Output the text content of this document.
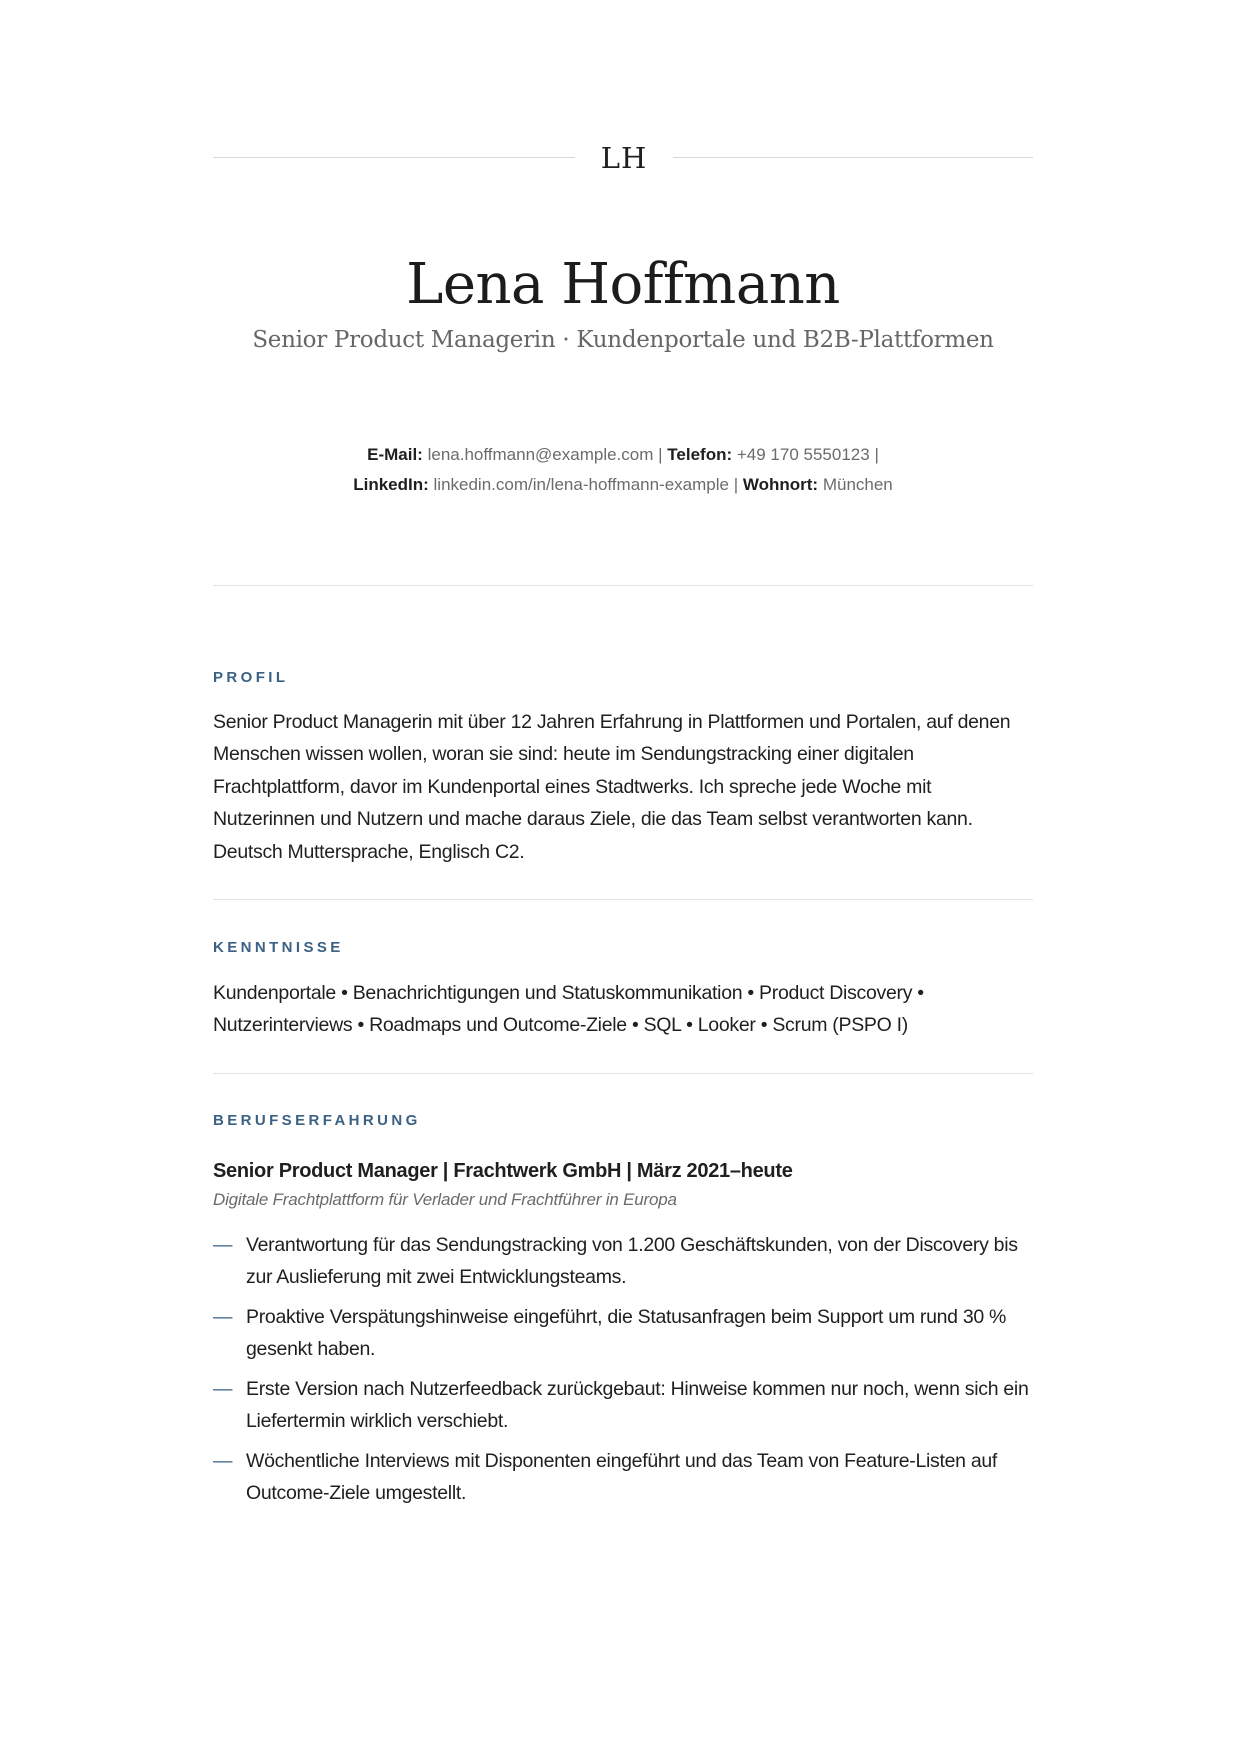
LH
Lena Hoffmann

Senior Product Managerin · Kundenportale und B2B-Plattformen

E-Mail: lena.hoffmann@example.com | Telefon: +49 170 5550123 |
LinkedIn: linkedin.com/in/lena-hoffmann-example | Wohnort: München
PROFIL
Senior Product Managerin mit über 12 Jahren Erfahrung in Plattformen und Portalen, auf denen Menschen wissen wollen, woran sie sind: heute im Sendungstracking einer digitalen Frachtplattform, davor im Kundenportal eines Stadtwerks. Ich spreche jede Woche mit Nutzerinnen und Nutzern und mache daraus Ziele, die das Team selbst verantworten kann. Deutsch Muttersprache, Englisch C2.
KENNTNISSE
Kundenportale • Benachrichtigungen und Statuskommunikation • Product Discovery • Nutzerinterviews • Roadmaps und Outcome-Ziele • SQL • Looker • Scrum (PSPO I)
BERUFSERFAHRUNG
Senior Product Manager | Frachtwerk GmbH | März 2021–heute
Digitale Frachtplattform für Verlader und Frachtführer in Europa
— Verantwortung für das Sendungstracking von 1.200 Geschäftskunden, von der Discovery bis zur Auslieferung mit zwei Entwicklungsteams.
— Proaktive Verspätungshinweise eingeführt, die Statusanfragen beim Support um rund 30 % gesenkt haben.
— Erste Version nach Nutzerfeedback zurückgebaut: Hinweise kommen nur noch, wenn sich ein Liefertermin wirklich verschiebt.
— Wöchentliche Interviews mit Disponenten eingeführt und das Team von Feature-Listen auf Outcome-Ziele umgestellt.
